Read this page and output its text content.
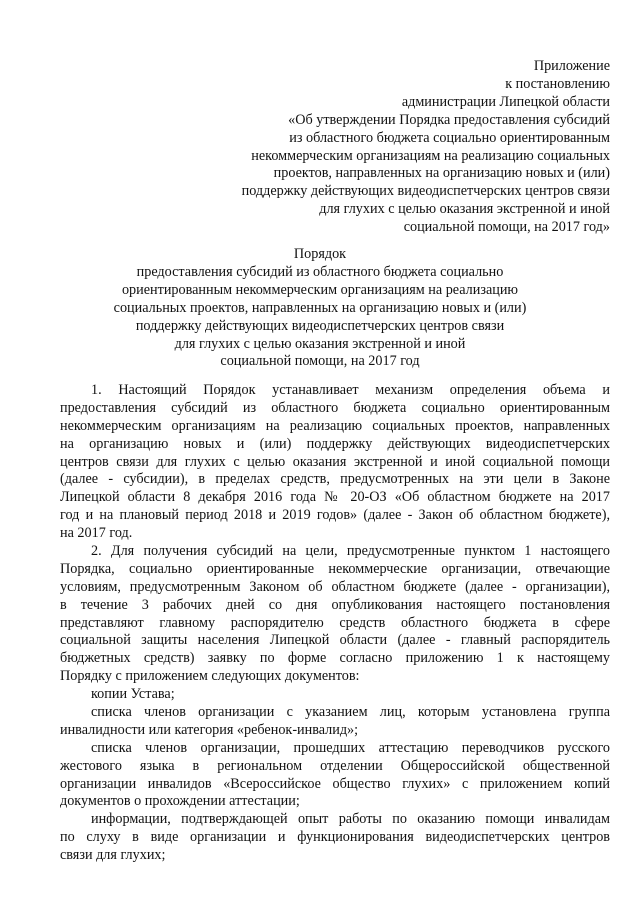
Приложение
к постановлению
администрации Липецкой области
«Об утверждении Порядка предоставления субсидий
из областного бюджета социально ориентированным
некоммерческим организациям на реализацию социальных
проектов, направленных на организацию новых и (или)
поддержку действующих видеодиспетчерских центров связи
для глухих с целью оказания экстренной и иной
социальной помощи, на 2017 год»
Порядок
предоставления субсидий из областного бюджета социально
ориентированным некоммерческим организациям на реализацию
социальных проектов, направленных на организацию новых и (или)
поддержку действующих видеодиспетчерских центров связи
для глухих с целью оказания экстренной и иной
социальной помощи, на 2017 год
1. Настоящий Порядок устанавливает механизм определения объема и
предоставления субсидий из областного бюджета социально ориентированным
некоммерческим организациям на реализацию социальных проектов, направленных
на организацию новых и (или) поддержку действующих видеодиспетчерских
центров связи для глухих с целью оказания экстренной и иной социальной помощи
(далее - субсидии), в пределах средств, предусмотренных на эти цели в Законе
Липецкой области 8 декабря 2016 года № 20-ОЗ «Об областном бюджете на 2017
год и на плановый период 2018 и 2019 годов» (далее - Закон об областном бюджете),
на 2017 год.
2. Для получения субсидий на цели, предусмотренные пунктом 1 настоящего
Порядка, социально ориентированные некоммерческие организации, отвечающие
условиям, предусмотренным Законом об областном бюджете (далее - организации),
в течение 3 рабочих дней со дня опубликования настоящего постановления
представляют главному распорядителю средств областного бюджета в сфере
социальной защиты населения Липецкой области (далее - главный распорядитель
бюджетных средств) заявку по форме согласно приложению 1 к настоящему
Порядку с приложением следующих документов:
копии Устава;
списка членов организации с указанием лиц, которым установлена группа
инвалидности или категория «ребенок-инвалид»;
списка членов организации, прошедших аттестацию переводчиков русского
жестового языка в региональном отделении Общероссийской общественной
организации инвалидов «Всероссийское общество глухих» с приложением копий
документов о прохождении аттестации;
информации, подтверждающей опыт работы по оказанию помощи инвалидам
по слуху в виде организации и функционирования видеодиспетчерских центров
связи для глухих;
